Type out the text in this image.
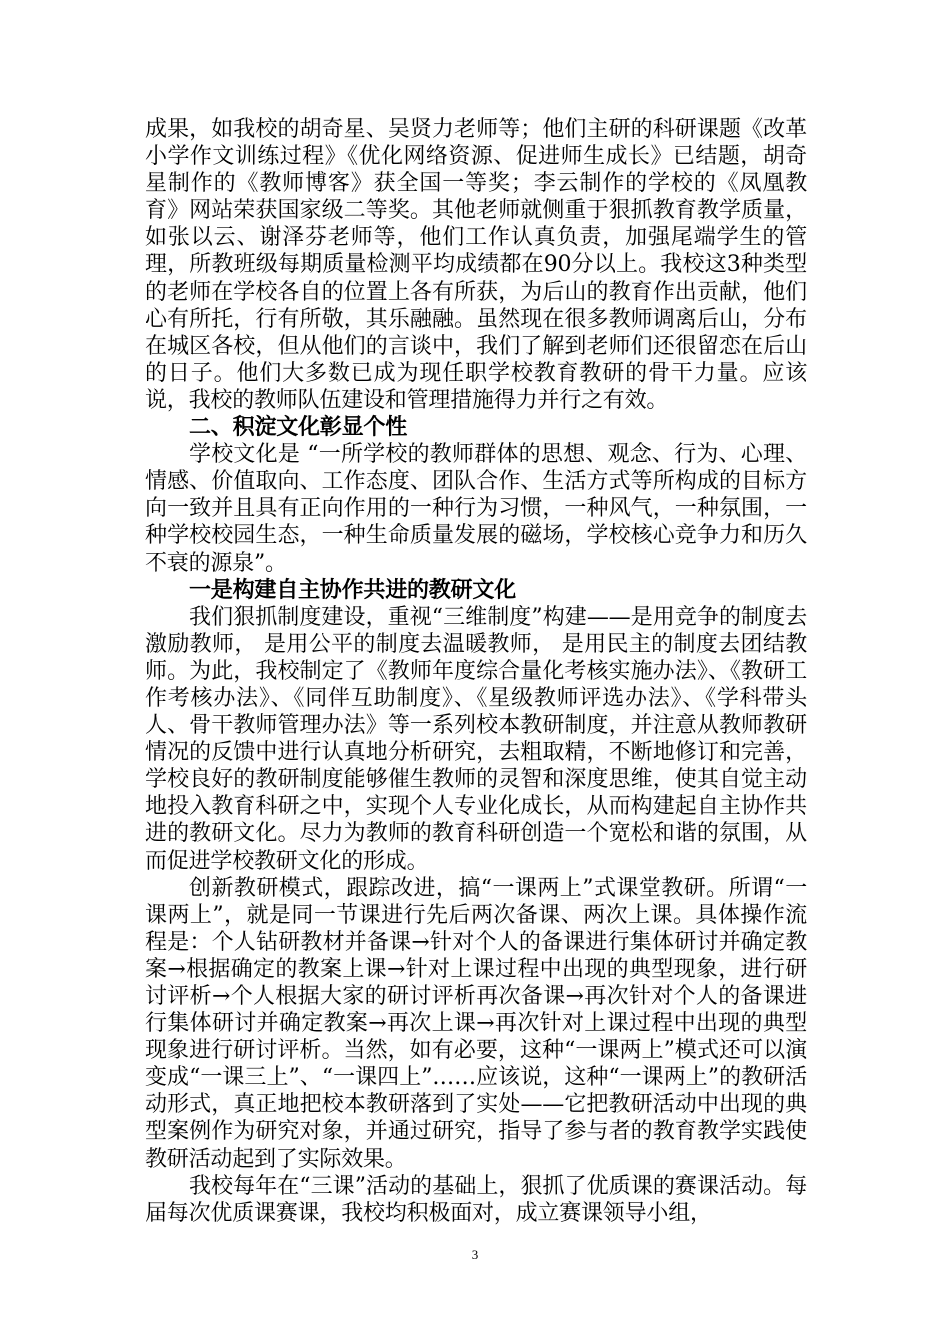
成果，如我校的胡奇星、吴贤力老师等；他们主研的科研课题《改革小学作文训练过程》《优化网络资源、促进师生成长》已结题，胡奇星制作的《教师博客》获全国一等奖；李云制作的学校的《凤凰教育》网站荣获国家级二等奖。其他老师就侧重于狠抓教育教学质量，如张以云、谢泽芬老师等，他们工作认真负责，加强尾端学生的管理，所教班级每期质量检测平均成绩都在90分以上。我校这3种类型的老师在学校各自的位置上各有所获，为后山的教育作出贡献，他们心有所托，行有所敬，其乐融融。虽然现在很多教师调离后山，分布在城区各校，但从他们的言谈中，我们了解到老师们还很留恋在后山的日子。他们大多数已成为现任职学校教育教研的骨干力量。应该说，我校的教师队伍建设和管理措施得力并行之有效。

二、积淀文化彰显个性

学校文化是 “一所学校的教师群体的思想、观念、行为、心理、情感、价值取向、工作态度、团队合作、生活方式等所构成的目标方向一致并且具有正向作用的一种行为习惯，一种风气，一种氛围，一种学校校园生态，一种生命质量发展的磁场，学校核心竞争力和历久不衰的源泉”。

一是构建自主协作共进的教研文化

我们狠抓制度建设，重视“三维制度”构建——是用竞争的制度去激励教师， 是用公平的制度去温暖教师， 是用民主的制度去团结教师。为此，我校制定了《教师年度综合量化考核实施办法》、《教研工作考核办法》、《同伴互助制度》、《星级教师评选办法》、《学科带头人、骨干教师管理办法》等一系列校本教研制度，并注意从教师教研情况的反馈中进行认真地分析研究，去粗取精，不断地修订和完善，学校良好的教研制度能够催生教师的灵智和深度思维，使其自觉主动地投入教育科研之中，实现个人专业化成长，从而构建起自主协作共进的教研文化。尽力为教师的教育科研创造一个宽松和谐的氛围，从而促进学校教研文化的形成。

创新教研模式，跟踪改进，搞“一课两上”式课堂教研。所谓“一课两上”，就是同一节课进行先后两次备课、两次上课。具体操作流程是：个人钻研教材并备课→针对个人的备课进行集体研讨并确定教案→根据确定的教案上课→针对上课过程中出现的典型现象，进行研讨评析→个人根据大家的研讨评析再次备课→再次针对个人的备课进行集体研讨并确定教案→再次上课→再次针对上课过程中出现的典型现象进行研讨评析。当然，如有必要，这种“一课两上”模式还可以演变成“一课三上”、“一课四上”……应该说，这种“一课两上”的教研活动形式，真正地把校本教研落到了实处——它把教研活动中出现的典型案例作为研究对象，并通过研究，指导了参与者的教育教学实践使教研活动起到了实际效果。

我校每年在“三课”活动的基础上，狠抓了优质课的赛课活动。每届每次优质课赛课，我校均积极面对，成立赛课领导小组，

3
